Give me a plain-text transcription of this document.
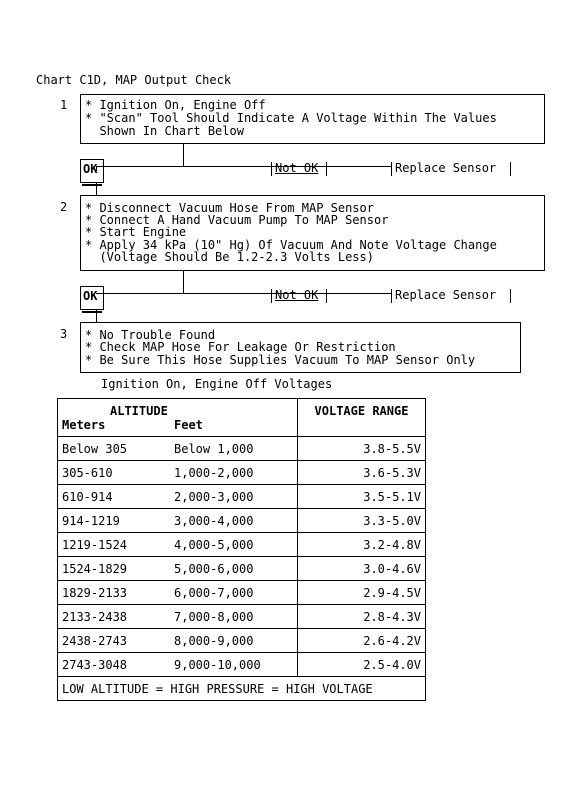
Chart C1D, MAP Output Check
1 * Ignition On, Engine Off
* "Scan" Tool Should Indicate A Voltage Within The Values
Shown In Chart Below
OK	Not OK	Replace Sensor
2 * Disconnect Vacuum Hose From MAP Sensor
* Connect A Hand Vacuum Pump To MAP Sensor
* Start Engine
* Apply 34 kPa (10" Hg) Of Vacuum And Note Voltage Change
(Voltage Should Be 1.2-2.3 Volts Less)
OK	Not OK	Replace Sensor
3 * No Trouble Found
* Check MAP Hose For Leakage Or Restriction
* Be Sure This Hose Supplies Vacuum To MAP Sensor Only
Ignition On, Engine Off Voltages
ALTITUDE
Meters Feet	VOLTAGE RANGE

Below 305 Below 1,000	3.8-5.5V
305-610 1,000-2,000	3.6-5.3V
610-914 2,000-3,000	3.5-5.1V
914-1219 3,000-4,000	3.3-5.0V
1219-1524 4,000-5,000	3.2-4.8V
1524-1829 5,000-6,000	3.0-4.6V
1829-2133 6,000-7,000	2.9-4.5V
2133-2438 7,000-8,000	2.8-4.3V
2438-2743 8,000-9,000	2.6-4.2V
2743-3048 9,000-10,000	2.5-4.0V
LOW ALTITUDE = HIGH PRESSURE = HIGH VOLTAGE	
